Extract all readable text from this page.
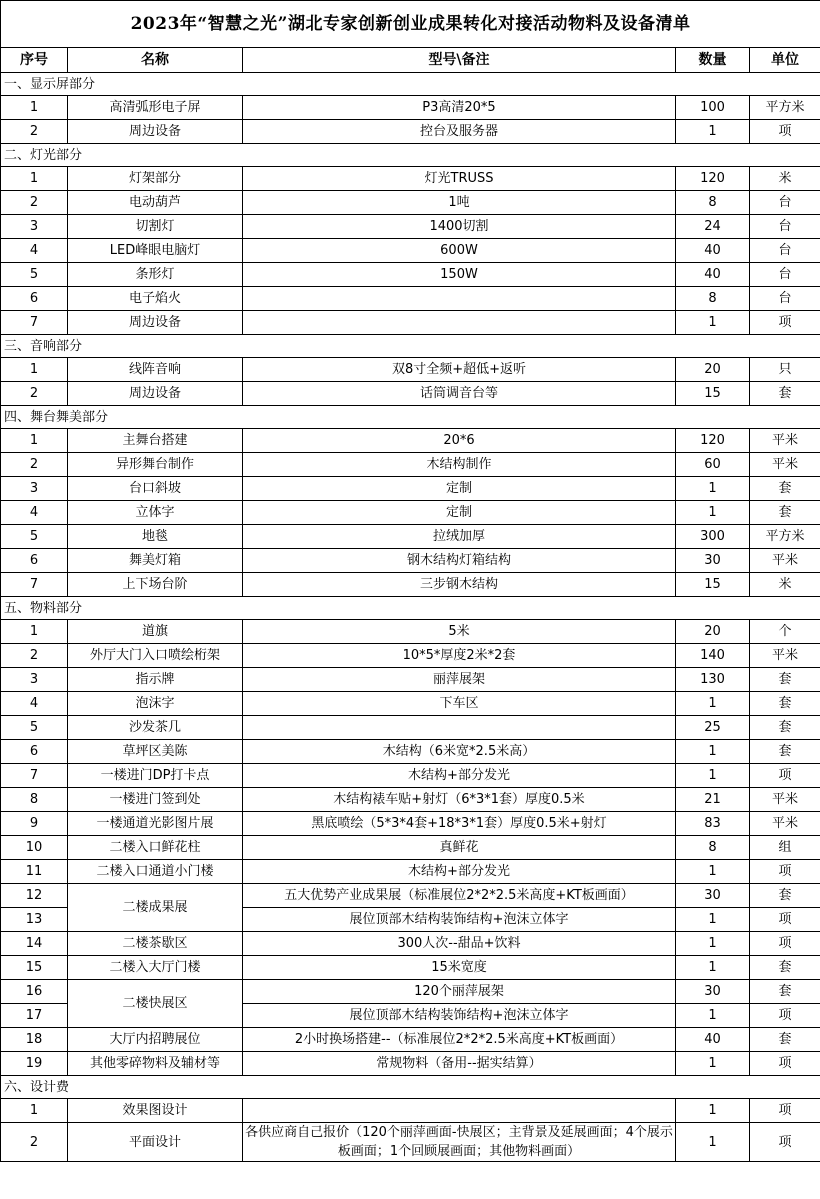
2023年“智慧之光”湖北专家创新创业成果转化对接活动物料及设备清单				
序号	名称	型号\备注	数量	单位
一、显示屏部分				
1	高清弧形电子屏	P3高清20*5	100	平方米
2	周边设备	控台及服务器	1	项
二、灯光部分				
1	灯架部分	灯光TRUSS	120	米
2	电动葫芦	1吨	8	台
3	切割灯	1400切割	24	台
4	LED峰眼电脑灯	600W	40	台
5	条形灯	150W	40	台
6	电子焰火		8	台
7	周边设备		1	项
三、音响部分				
1	线阵音响	双8寸全频+超低+返听	20	只
2	周边设备	话筒调音台等	15	套
四、舞台舞美部分				
1	主舞台搭建	20*6	120	平米
2	异形舞台制作	木结构制作	60	平米
3	台口斜坡	定制	1	套
4	立体字	定制	1	套
5	地毯	拉绒加厚	300	平方米
6	舞美灯箱	钢木结构灯箱结构	30	平米
7	上下场台阶	三步钢木结构	15	米
五、物料部分				
1	道旗	5米	20	个
2	外厅大门入口喷绘桁架	10*5*厚度2米*2套	140	平米
3	指示牌	丽萍展架	130	套
4	泡沫字	下车区	1	套
5	沙发茶几		25	套
6	草坪区美陈	木结构（6米宽*2.5米高）	1	套
7	一楼进门DP打卡点	木结构+部分发光	1	项
8	一楼进门签到处	木结构裱车贴+射灯（6*3*1套）厚度0.5米	21	平米
9	一楼通道光影图片展	黑底喷绘（5*3*4套+18*3*1套）厚度0.5米+射灯	83	平米
10	二楼入口鲜花柱	真鲜花	8	组
11	二楼入口通道小门楼	木结构+部分发光	1	项
12	二楼成果展	五大优势产业成果展（标准展位2*2*2.5米高度+KT板画面）	30	套
13		展位顶部木结构装饰结构+泡沫立体字	1	项
14	二楼茶歇区	300人次--甜品+饮料	1	项
15	二楼入大厅门楼	15米宽度	1	套
16	二楼快展区	120个丽萍展架	30	套
17		展位顶部木结构装饰结构+泡沫立体字	1	项
18	大厅内招聘展位	2小时换场搭建--（标准展位2*2*2.5米高度+KT板画面）	40	套
19	其他零碎物料及辅材等	常规物料（备用--据实结算）	1	项
六、设计费				
1	效果图设计		1	项
2	平面设计	各供应商自己报价（120个丽萍画面-快展区；主背景及延展画面；4个展示板画面；1个回顾展画面；其他物料画面）	1	项
